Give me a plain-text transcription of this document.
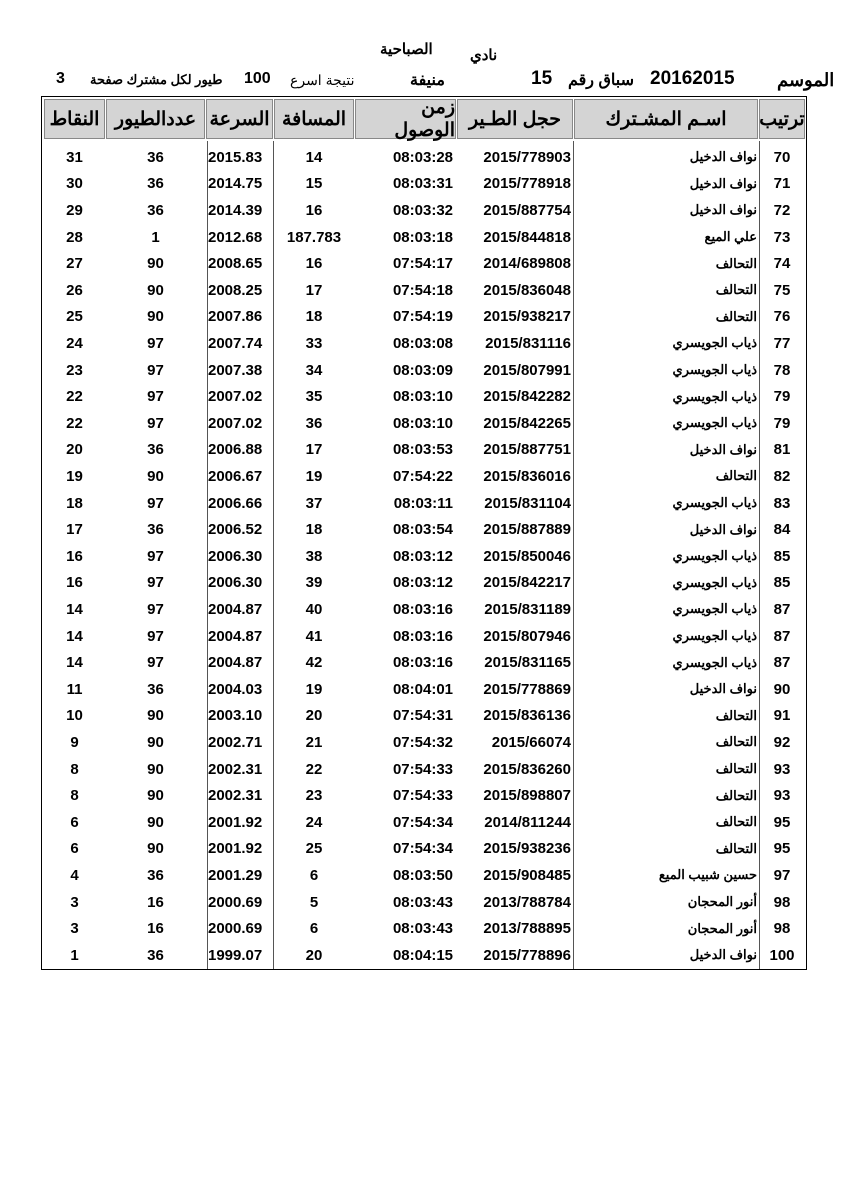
نادي
الصباحية
الموسم
20162015
سباق رقم
15
منيفة
نتيجة اسرع
100
طيور لكل مشترك صفحة
3
ترتيب
اسـم المشـترك
حجل الطـير
زمن الوصول
المسافة
السرعة
عددالطيور
النقاط
70
نواف الدخيل
2015/778903
08:03:28
14
2015.83
36
31
71
نواف الدخيل
2015/778918
08:03:31
15
2014.75
36
30
72
نواف الدخيل
2015/887754
08:03:32
16
2014.39
36
29
73
علي الميع
2015/844818
08:03:18
187.783
2012.68
1
28
74
التحالف
2014/689808
07:54:17
16
2008.65
90
27
75
التحالف
2015/836048
07:54:18
17
2008.25
90
26
76
التحالف
2015/938217
07:54:19
18
2007.86
90
25
77
ذياب الجويسري
2015/831116
08:03:08
33
2007.74
97
24
78
ذياب الجويسري
2015/807991
08:03:09
34
2007.38
97
23
79
ذياب الجويسري
2015/842282
08:03:10
35
2007.02
97
22
79
ذياب الجويسري
2015/842265
08:03:10
36
2007.02
97
22
81
نواف الدخيل
2015/887751
08:03:53
17
2006.88
36
20
82
التحالف
2015/836016
07:54:22
19
2006.67
90
19
83
ذياب الجويسري
2015/831104
08:03:11
37
2006.66
97
18
84
نواف الدخيل
2015/887889
08:03:54
18
2006.52
36
17
85
ذياب الجويسري
2015/850046
08:03:12
38
2006.30
97
16
85
ذياب الجويسري
2015/842217
08:03:12
39
2006.30
97
16
87
ذياب الجويسري
2015/831189
08:03:16
40
2004.87
97
14
87
ذياب الجويسري
2015/807946
08:03:16
41
2004.87
97
14
87
ذياب الجويسري
2015/831165
08:03:16
42
2004.87
97
14
90
نواف الدخيل
2015/778869
08:04:01
19
2004.03
36
11
91
التحالف
2015/836136
07:54:31
20
2003.10
90
10
92
التحالف
2015/66074
07:54:32
21
2002.71
90
9
93
التحالف
2015/836260
07:54:33
22
2002.31
90
8
93
التحالف
2015/898807
07:54:33
23
2002.31
90
8
95
التحالف
2014/811244
07:54:34
24
2001.92
90
6
95
التحالف
2015/938236
07:54:34
25
2001.92
90
6
97
حسين شبيب الميع
2015/908485
08:03:50
6
2001.29
36
4
98
أنور المحجان
2013/788784
08:03:43
5
2000.69
16
3
98
أنور المحجان
2013/788895
08:03:43
6
2000.69
16
3
100
نواف الدخيل
2015/778896
08:04:15
20
1999.07
36
1
